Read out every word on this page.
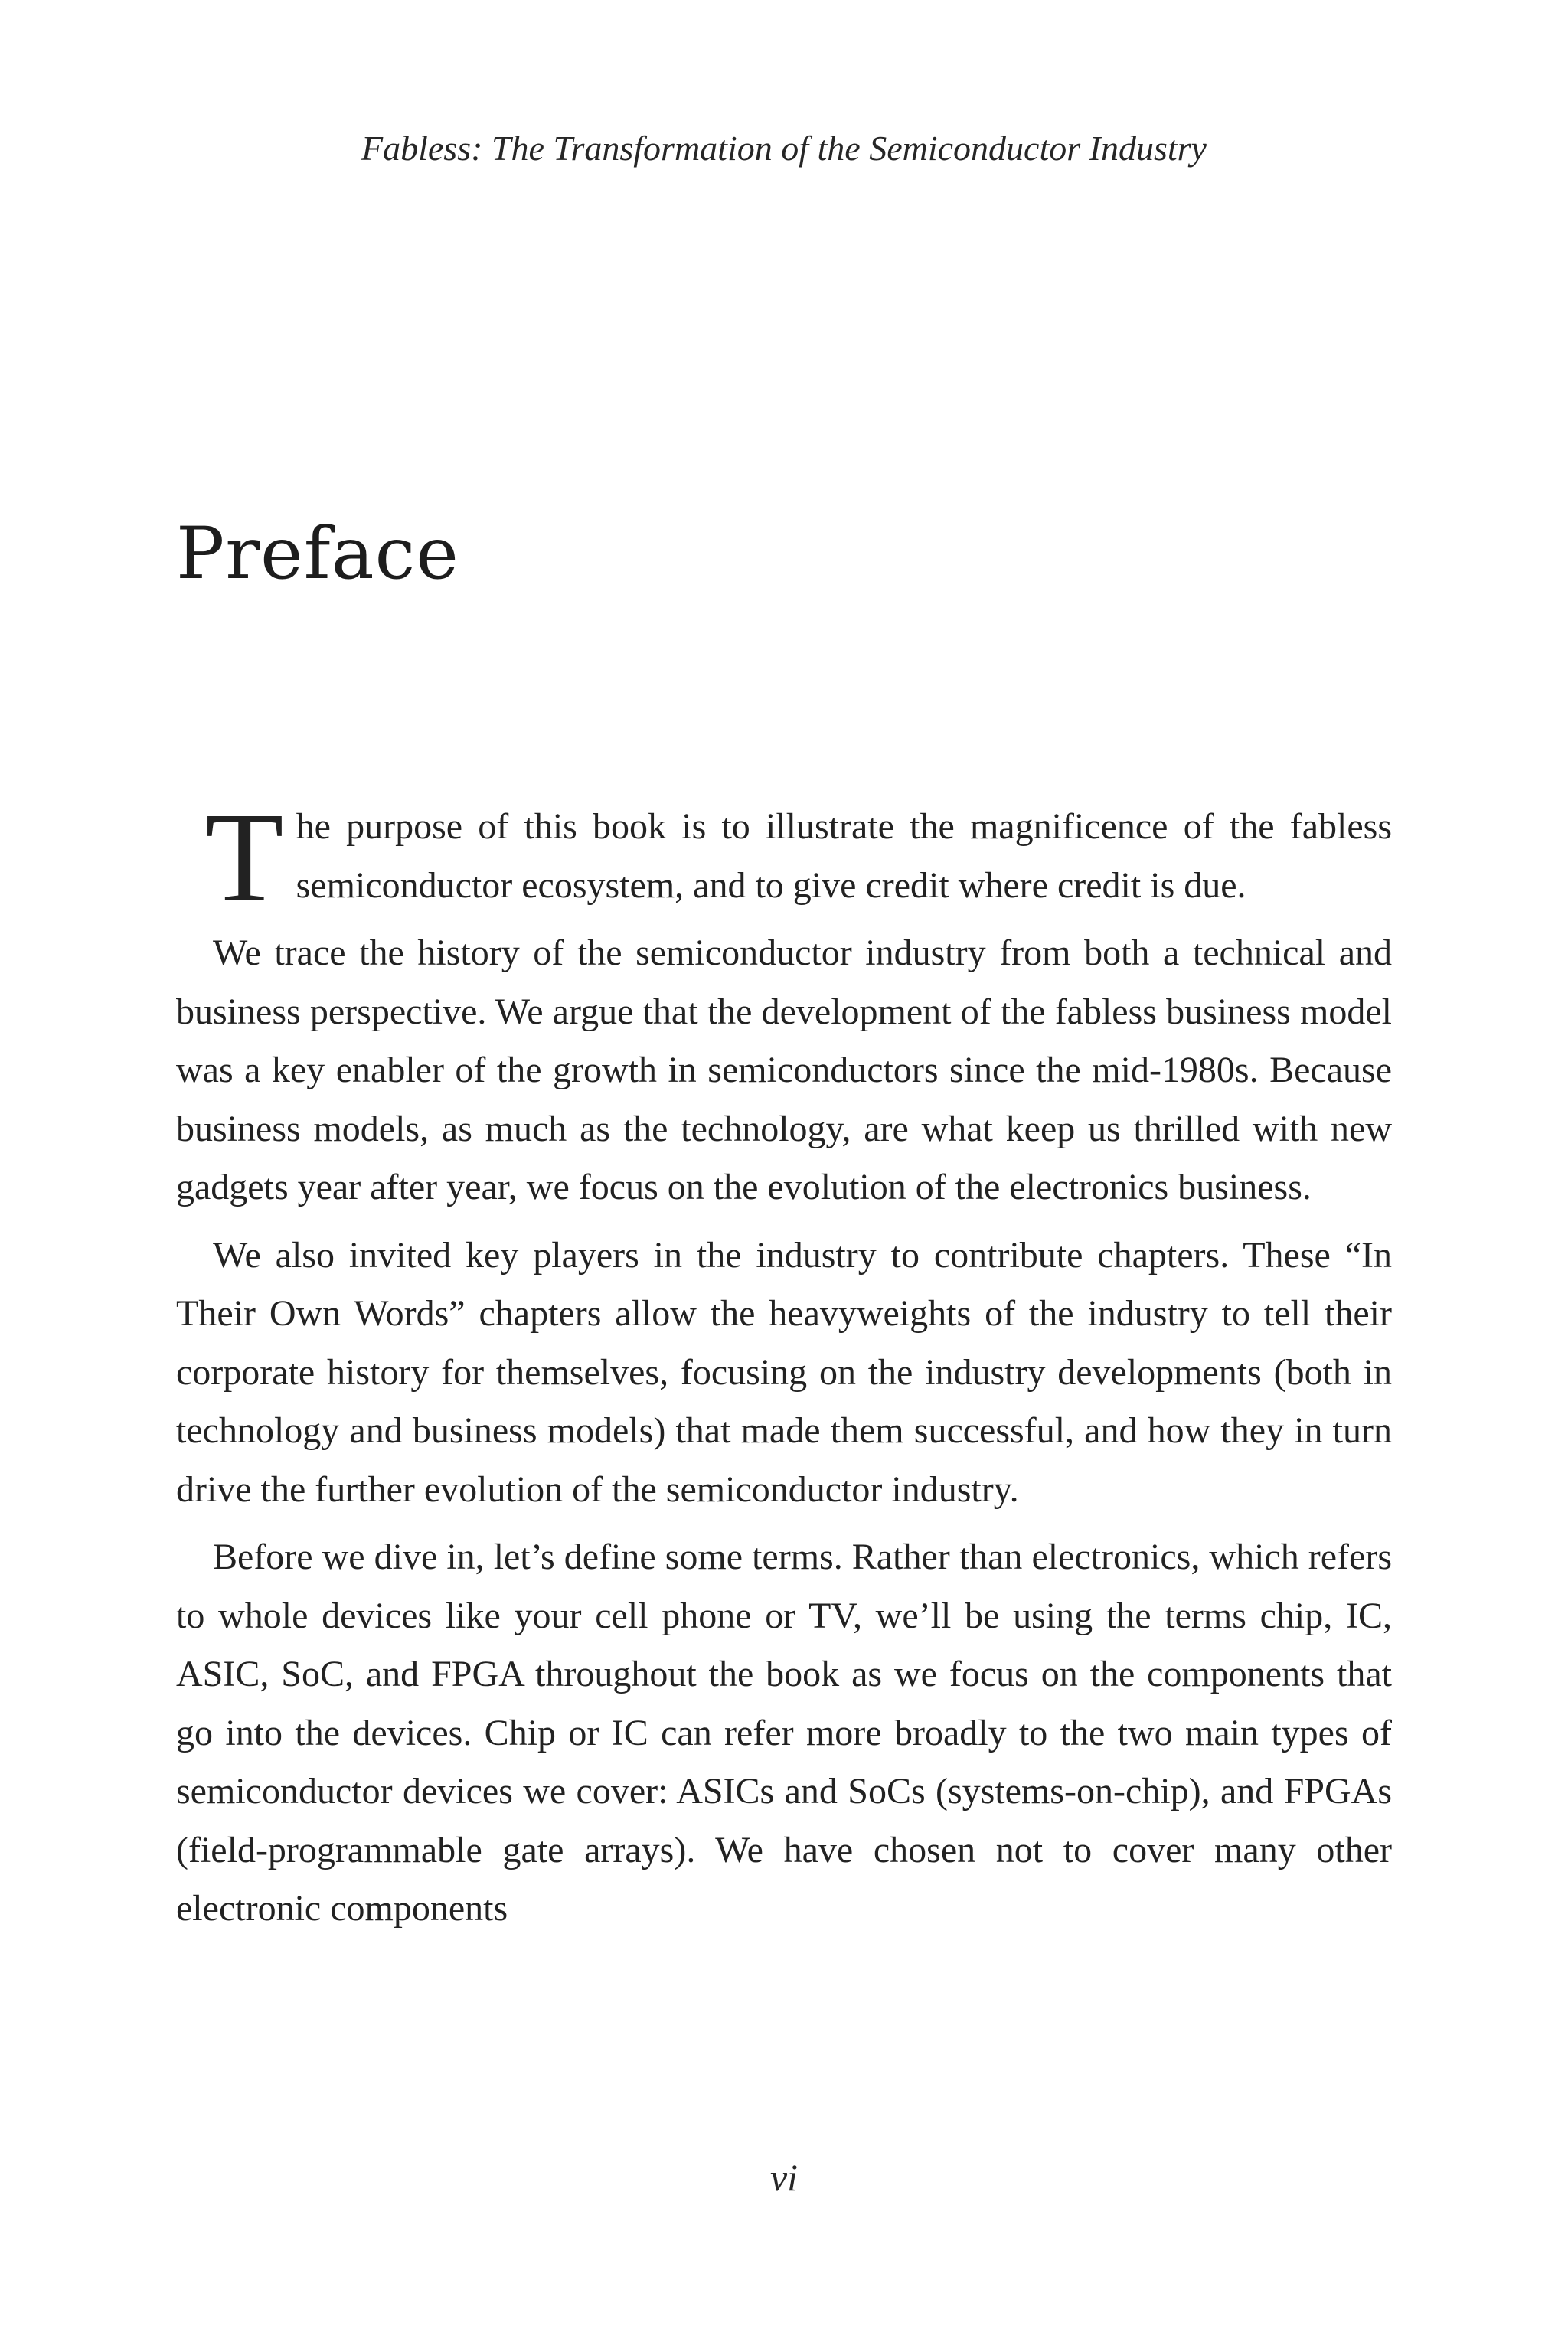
Fabless: The Transformation of the Semiconductor Industry
Preface

The purpose of this book is to illustrate the magnificence of the fabless semiconductor ecosystem, and to give credit where credit is due.

We trace the history of the semiconductor industry from both a technical and business perspective. We argue that the development of the fabless business model was a key enabler of the growth in semiconductors since the mid-1980s. Because business models, as much as the technology, are what keep us thrilled with new gadgets year after year, we focus on the evolution of the electronics business.

We also invited key players in the industry to contribute chapters. These “In Their Own Words” chapters allow the heavyweights of the industry to tell their corporate history for themselves, focusing on the industry developments (both in technology and business models) that made them successful, and how they in turn drive the further evolution of the semiconductor industry.

Before we dive in, let’s define some terms. Rather than electronics, which refers to whole devices like your cell phone or TV, we’ll be using the terms chip, IC, ASIC, SoC, and FPGA throughout the book as we focus on the components that go into the devices. Chip or IC can refer more broadly to the two main types of semiconductor devices we cover: ASICs and SoCs (systems-on-chip), and FPGAs (field-programmable gate arrays). We have chosen not to cover many other electronic components

vi
